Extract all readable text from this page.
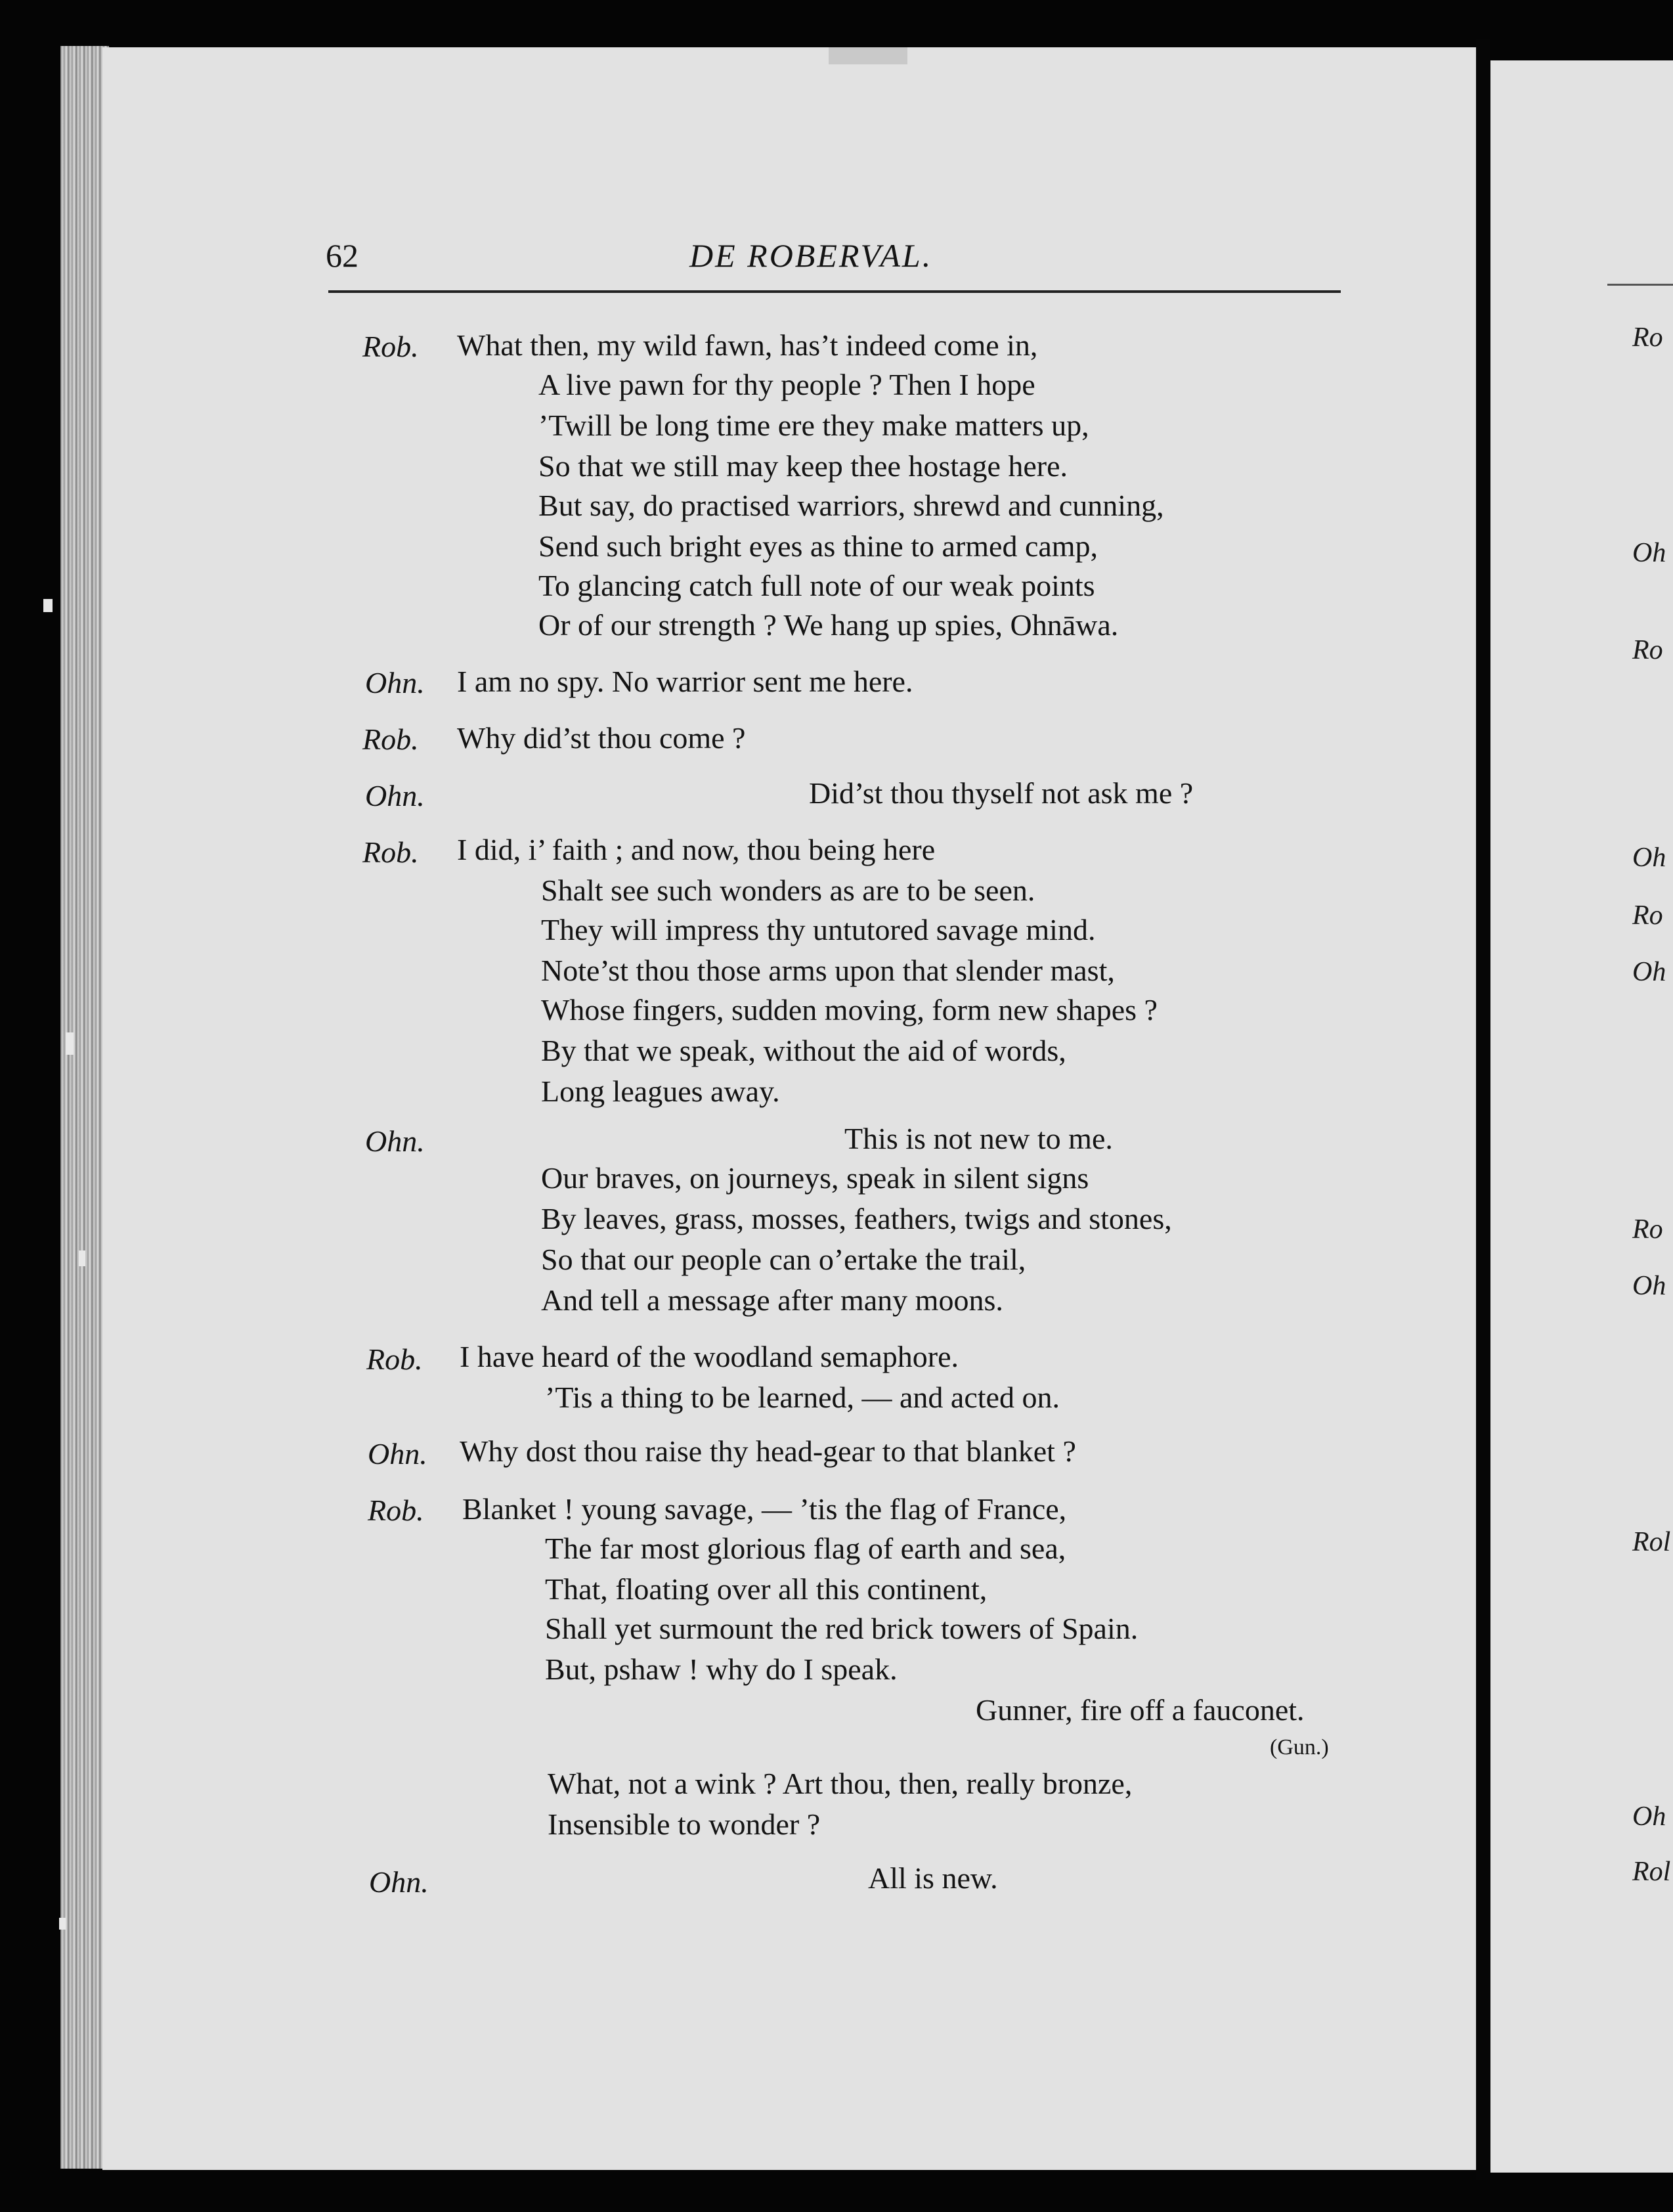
Ro
Oh
Ro
Oh
Ro
Oh
Ro
Oh
Rol
Oh
Rol
62	DE ROBERVAL.
Rob. What then, my wild fawn, has’t indeed come in,
A live pawn for thy people ? Then I hope
’Twill be long time ere they make matters up,
So that we still may keep thee hostage here.
But say, do practised warriors, shrewd and cunning,
Send such bright eyes as thine to armed camp,
To glancing catch full note of our weak points
Or of our strength ? We hang up spies, Ohnāwa.
Ohn. I am no spy. No warrior sent me here.
Rob. Why did’st thou come ?
Ohn.	Did’st thou thyself not ask me ?
Rob. I did, i’ faith ; and now, thou being here
Shalt see such wonders as are to be seen.
They will impress thy untutored savage mind.
Note’st thou those arms upon that slender mast,
Whose fingers, sudden moving, form new shapes ?
By that we speak, without the aid of words,
Long leagues away.
Ohn.	This is not new to me.
Our braves, on journeys, speak in silent signs
By leaves, grass, mosses, feathers, twigs and stones,
So that our people can o’ertake the trail,
And tell a message after many moons.
Rob. I have heard of the woodland semaphore.
’Tis a thing to be learned, — and acted on.
Ohn. Why dost thou raise thy head-gear to that blanket ?
Rob. Blanket ! young savage, — ’tis the flag of France,
The far most glorious flag of earth and sea,
That, floating over all this continent,
Shall yet surmount the red brick towers of Spain.
But, pshaw ! why do I speak.
Gunner, fire off a fauconet.
(Gun.)
What, not a wink ? Art thou, then, really bronze,
Insensible to wonder ?
Ohn.	All is new.
